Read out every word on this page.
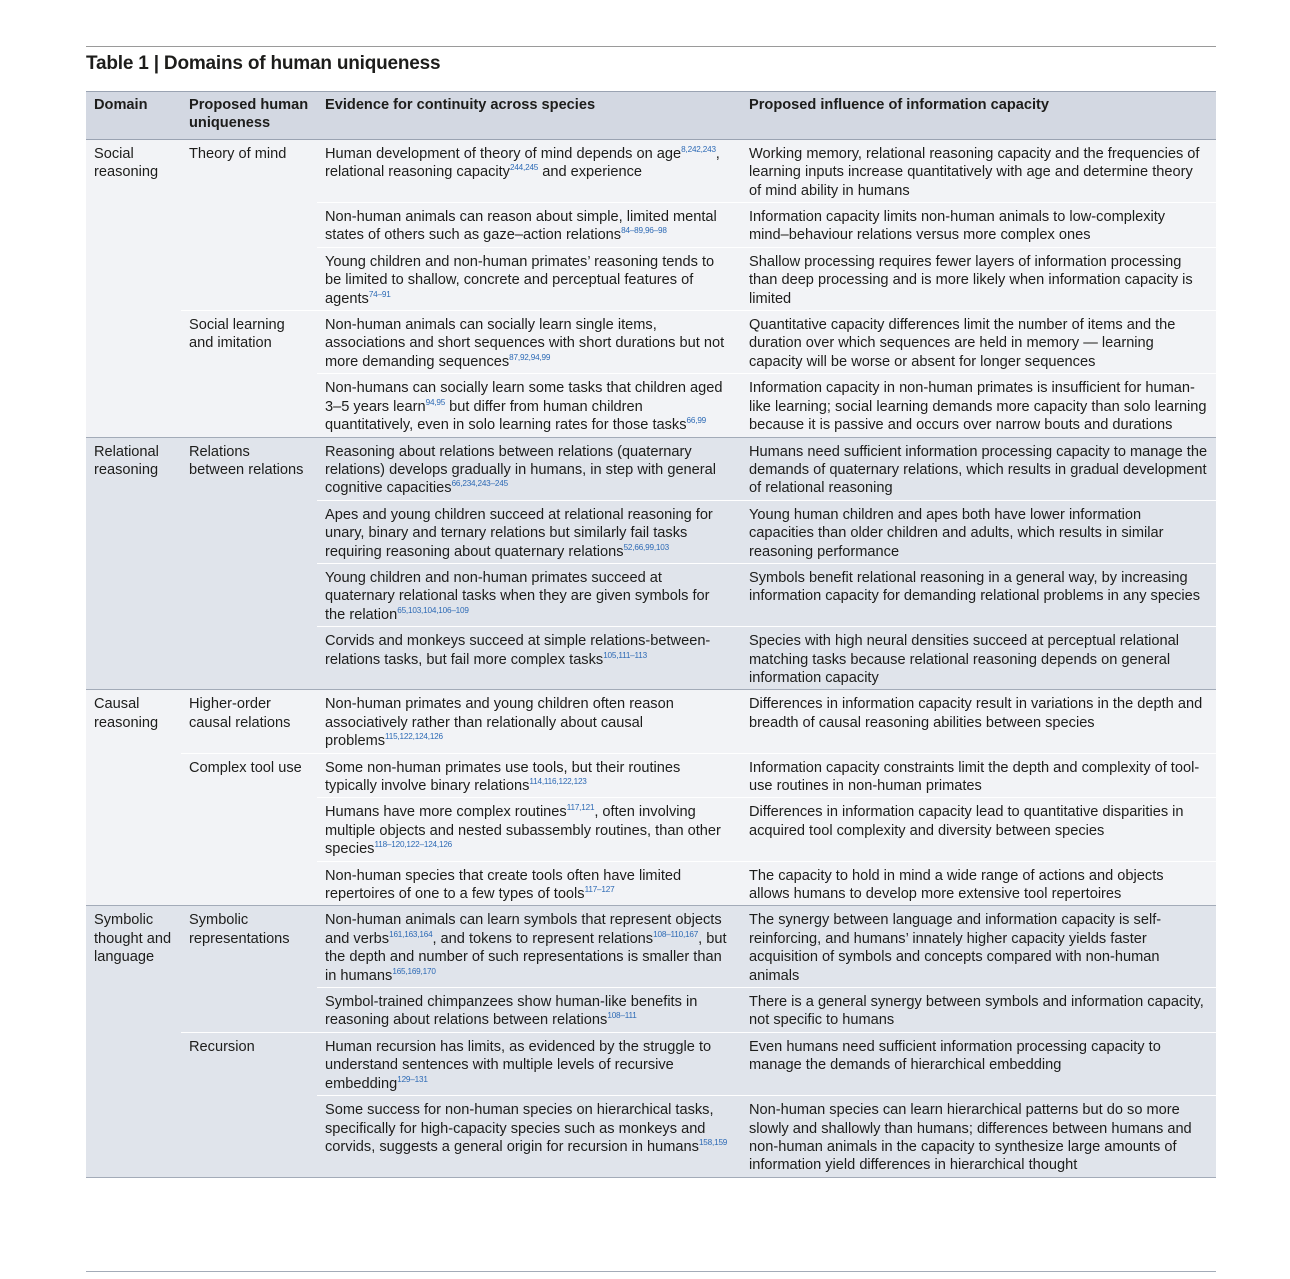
Table 1 | Domains of human uniqueness
Domain	Proposed human uniqueness	Evidence for continuity across species	Proposed influence of information capacity
Social reasoning	Theory of mind	Human development of theory of mind depends on age$^{8,242,243}$, relational reasoning capacity$^{244,245}$ and experience	Working memory, relational reasoning capacity and the frequencies of learning inputs increase quantitatively with age and determine theory of mind ability in humans
		Non-human animals can reason about simple, limited mental states of others such as gaze–action relations$^{84-89,96-98}$	Information capacity limits non-human animals to low-complexity mind–behaviour relations versus more complex ones
		Young children and non-human primates’ reasoning tends to be limited to shallow, concrete and perceptual features of agents$^{74-91}$	Shallow processing requires fewer layers of information processing than deep processing and is more likely when information capacity is limited
	Social learning and imitation	Non-human animals can socially learn single items, associations and short sequences with short durations but not more demanding sequences$^{87,92,94,99}$	Quantitative capacity differences limit the number of items and the duration over which sequences are held in memory — learning capacity will be worse or absent for longer sequences
		Non-humans can socially learn some tasks that children aged 3–5 years learn$^{94,95}$ but differ from human children quantitatively, even in solo learning rates for those tasks$^{66,99}$	Information capacity in non-human primates is insufficient for human-like learning; social learning demands more capacity than solo learning because it is passive and occurs over narrow bouts and durations
Relational reasoning	Relations between relations	Reasoning about relations between relations (quaternary relations) develops gradually in humans, in step with general cognitive capacities$^{66,234,243-245}$	Humans need sufficient information processing capacity to manage the demands of quaternary relations, which results in gradual development of relational reasoning
		Apes and young children succeed at relational reasoning for unary, binary and ternary relations but similarly fail tasks requiring reasoning about quaternary relations$^{52,66,99,103}$	Young human children and apes both have lower information capacities than older children and adults, which results in similar reasoning performance
		Young children and non-human primates succeed at quaternary relational tasks when they are given symbols for the relation$^{65,103,104,106-109}$	Symbols benefit relational reasoning in a general way, by increasing information capacity for demanding relational problems in any species
		Corvids and monkeys succeed at simple relations-between-relations tasks, but fail more complex tasks$^{105,111-113}$	Species with high neural densities succeed at perceptual relational matching tasks because relational reasoning depends on general information capacity
Causal reasoning	Higher-order causal relations	Non-human primates and young children often reason associatively rather than relationally about causal problems$^{115,122,124,126}$	Differences in information capacity result in variations in the depth and breadth of causal reasoning abilities between species
	Complex tool use	Some non-human primates use tools, but their routines typically involve binary relations$^{114,116,122,123}$	Information capacity constraints limit the depth and complexity of tool-use routines in non-human primates
		Humans have more complex routines$^{117,121}$, often involving multiple objects and nested subassembly routines, than other species$^{118-120,122-124,126}$	Differences in information capacity lead to quantitative disparities in acquired tool complexity and diversity between species
		Non-human species that create tools often have limited repertoires of one to a few types of tools$^{117-127}$	The capacity to hold in mind a wide range of actions and objects allows humans to develop more extensive tool repertoires
Symbolic thought and language	Symbolic representations	Non-human animals can learn symbols that represent objects and verbs$^{161,163,164}$, and tokens to represent relations$^{108-110,167}$, but the depth and number of such representations is smaller than in humans$^{165,169,170}$	The synergy between language and information capacity is self-reinforcing, and humans’ innately higher capacity yields faster acquisition of symbols and concepts compared with non-human animals
		Symbol-trained chimpanzees show human-like benefits in reasoning about relations between relations$^{108-111}$	There is a general synergy between symbols and information capacity, not specific to humans
	Recursion	Human recursion has limits, as evidenced by the struggle to understand sentences with multiple levels of recursive embedding$^{129-131}$	Even humans need sufficient information processing capacity to manage the demands of hierarchical embedding
		Some success for non-human species on hierarchical tasks, specifically for high-capacity species such as monkeys and corvids, suggests a general origin for recursion in humans$^{158,159}$	Non-human species can learn hierarchical patterns but do so more slowly and shallowly than humans; differences between humans and non-human animals in the capacity to synthesize large amounts of information yield differences in hierarchical thought
